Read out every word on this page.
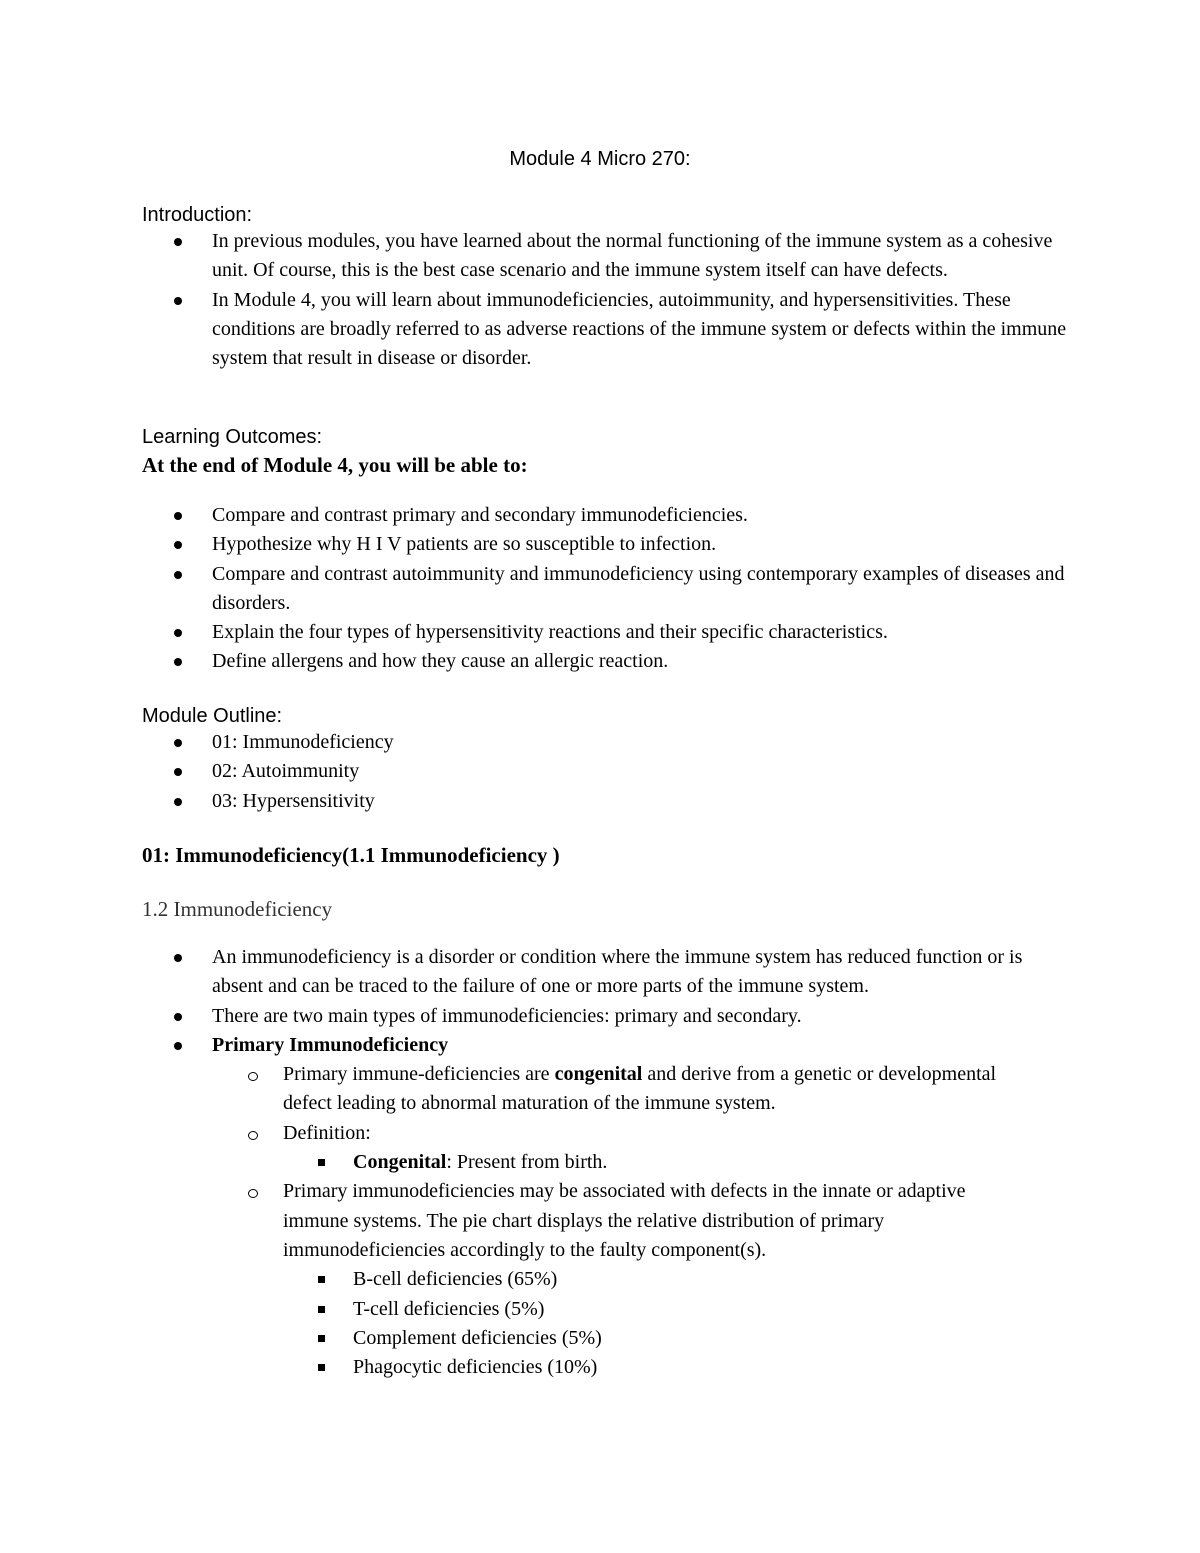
Module 4 Micro 270:
Introduction:
In previous modules, you have learned about the normal functioning of the immune system as a cohesive unit. Of course, this is the best case scenario and the immune system itself can have defects.
In Module 4, you will learn about immunodeficiencies, autoimmunity, and hypersensitivities. These conditions are broadly referred to as adverse reactions of the immune system or defects within the immune system that result in disease or disorder.
Learning Outcomes:
At the end of Module 4, you will be able to:
Compare and contrast primary and secondary immunodeficiencies.
Hypothesize why H I V patients are so susceptible to infection.
Compare and contrast autoimmunity and immunodeficiency using contemporary examples of diseases and disorders.
Explain the four types of hypersensitivity reactions and their specific characteristics.
Define allergens and how they cause an allergic reaction.
Module Outline:
01: Immunodeficiency
02: Autoimmunity
03: Hypersensitivity
01: Immunodeficiency(1.1 Immunodeficiency )
1.2 Immunodeficiency
An immunodeficiency is a disorder or condition where the immune system has reduced function or is absent and can be traced to the failure of one or more parts of the immune system.
There are two main types of immunodeficiencies: primary and secondary.
Primary Immunodeficiency
Primary immune-deficiencies are congenital and derive from a genetic or developmental defect leading to abnormal maturation of the immune system.
Definition:
Congenital: Present from birth.
Primary immunodeficiencies may be associated with defects in the innate or adaptive immune systems. The pie chart displays the relative distribution of primary immunodeficiencies accordingly to the faulty component(s).
B-cell deficiencies (65%)
T-cell deficiencies (5%)
Complement deficiencies (5%)
Phagocytic deficiencies (10%)
